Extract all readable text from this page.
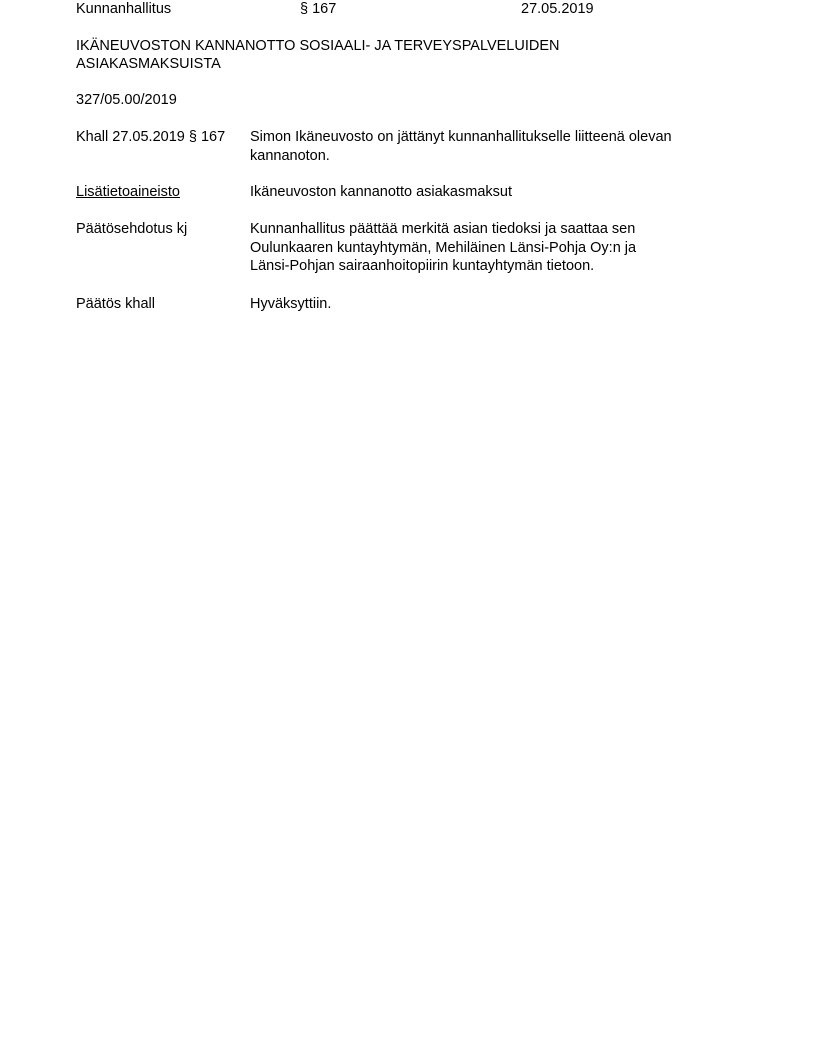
Kunnanhallitus	§ 167	27.05.2019
IKÄNEUVOSTON KANNANOTTO SOSIAALI- JA TERVEYSPALVELUIDEN
ASIAKASMAKSUISTA
327/05.00/2019
Khall 27.05.2019 § 167	Simon Ikäneuvosto on jättänyt kunnanhallitukselle liitteenä olevan

kannanoton.

Lisätietoaineisto	Ikäneuvoston kannanotto asiakasmaksut

Päätösehdotus kj	Kunnanhallitus päättää merkitä asian tiedoksi ja saattaa sen

Oulunkaaren kuntayhtymän, Mehiläinen Länsi-Pohja Oy:n ja

Länsi-Pohjan sairaanhoitopiirin kuntayhtymän tietoon.

Päätös khall	Hyväksyttiin.
